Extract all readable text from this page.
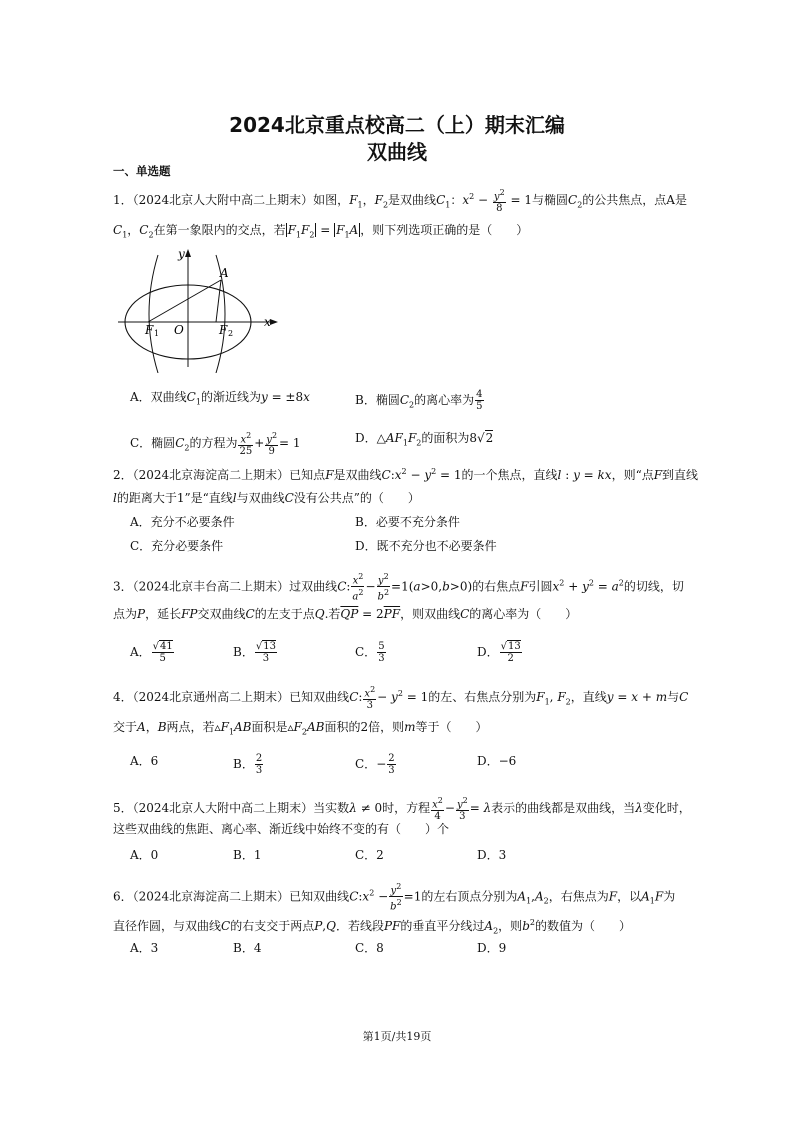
2024北京重点校高二（上）期末汇编
双曲线
一、单选题
1．（2024北京人大附中高二上期末）如图，$F_1$，$F_2$是双曲线$C_1$：$x^2 - \frac{y^2}{8} = 1$与椭圆$C_2$的公共焦点，点A是
$C_1$，$C_2$在第一象限内的交点，若 $F_1F_2 = F_1A$ ，则下列选项正确的是（　　）
y
x
A
O
F 1	F 2
A．双曲线$C_1$的渐近线为y = ±8x	B．椭圆$C_2$的离心率为 $\frac{4}{5}$
C．椭圆$C_2$的方程为 $\frac{x^2}{25} + \frac{y^2}{9} = 1$	D．$\triangle AF_1F_2$的面积为8√2
2．（2024北京海淀高二上期末）已知点F是双曲线$C:x^2 - y^2 = 1$的一个焦点，直线l : y = kx，则“点F到直线
l的距离大于1”是“直线l与双曲线C没有公共点”的（　　）
A．充分不必要条件	B．必要不充分条件
C．充分必要条件	D．既不充分也不必要条件
3．（2024北京丰台高二上期末）过双曲线C: $\frac{x^2}{a^2} - \frac{y^2}{b^2} =1(a>0,b>0)$的右焦点F引圆$x^2 + y^2 = a^2$的切线，切
点为P，延长FP交双曲线C的左支于点Q.若$\overline{QP} = 2\overline{PF}$，则双曲线C的离心率为（　　）
A． $\frac{√41}{5}$	B． $\frac{√13}{3}$	C． $\frac{5}{3}$	D． $\frac{√13}{2}$
4．（2024北京通州高二上期末）已知双曲线C: $\frac{x^2}{3} - y^2 = 1$的左、右焦点分别为$F_1$, $F_2$，直线y = x + m与C
交于A，B两点，若$▵F_1AB$面积是$▵F_2AB$面积的2倍，则m等于（　　）
A．6	B． $\frac{2}{3}$	C．− $\frac{2}{3}$	D．−6
5．（2024北京人大附中高二上期末）当实数λ ≠ 0时，方程 $\frac{x^2}{4} - \frac{y^2}{3} = \lambda$表示的曲线都是双曲线，当λ变化时，
这些双曲线的焦距、离心率、渐近线中始终不变的有（　　）个
A．0	B．1	C．2	D．3
6．（2024北京海淀高二上期末）已知双曲线$C:x^2 - \frac{y^2}{b^2} =1$的左右顶点分别为$A_1,A_2$，右焦点为F，以$A_1F$为
直径作圆，与双曲线C的右支交于两点P,Q．若线段PF的垂直平分线过$A_2$，则$b^2$的数值为（　　）
A．3	B．4	C．8	D．9
第1页/共19页
